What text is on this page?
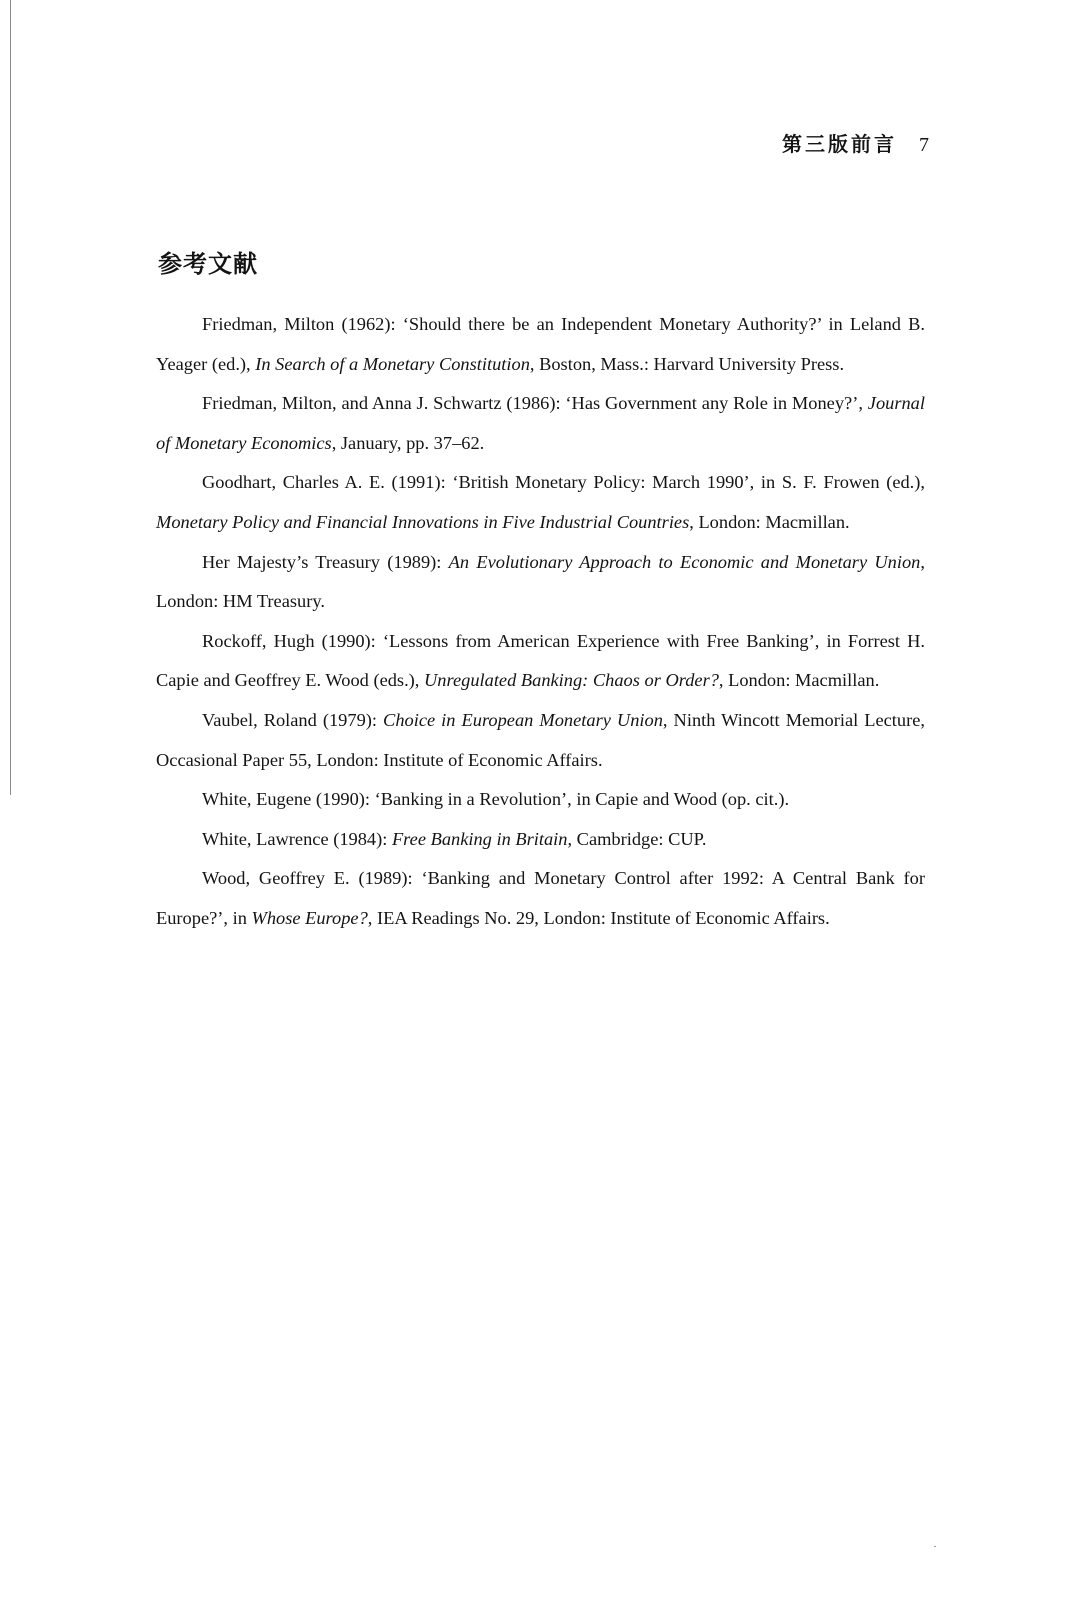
第三版前言 7
参考文献

Friedman, Milton (1962): ‘Should there be an Independent Monetary Authority?’ in Leland B. Yeager (ed.), In Search of a Monetary Constitution, Boston, Mass.: Harvard University Press.

Friedman, Milton, and Anna J. Schwartz (1986): ‘Has Government any Role in Money?’, Journal of Monetary Economics, January, pp. 37–62.

Goodhart, Charles A. E. (1991): ‘British Monetary Policy: March 1990’, in S. F. Frowen (ed.), Monetary Policy and Financial Innovations in Five Industrial Countries, London: Macmillan.

Her Majesty’s Treasury (1989): An Evolutionary Approach to Economic and Monetary Union, London: HM Treasury.

Rockoff, Hugh (1990): ‘Lessons from American Experience with Free Banking’, in Forrest H. Capie and Geoffrey E. Wood (eds.), Unregulated Banking: Chaos or Order?, London: Macmillan.

Vaubel, Roland (1979): Choice in European Monetary Union, Ninth Wincott Memorial Lecture, Occasional Paper 55, London: Institute of Economic Affairs.

White, Eugene (1990): ‘Banking in a Revolution’, in Capie and Wood (op. cit.).

White, Lawrence (1984): Free Banking in Britain, Cambridge: CUP.

Wood, Geoffrey E. (1989): ‘Banking and Monetary Control after 1992: A Central Bank for Europe?’, in Whose Europe?, IEA Readings No. 29, London: Institute of Economic Affairs.
